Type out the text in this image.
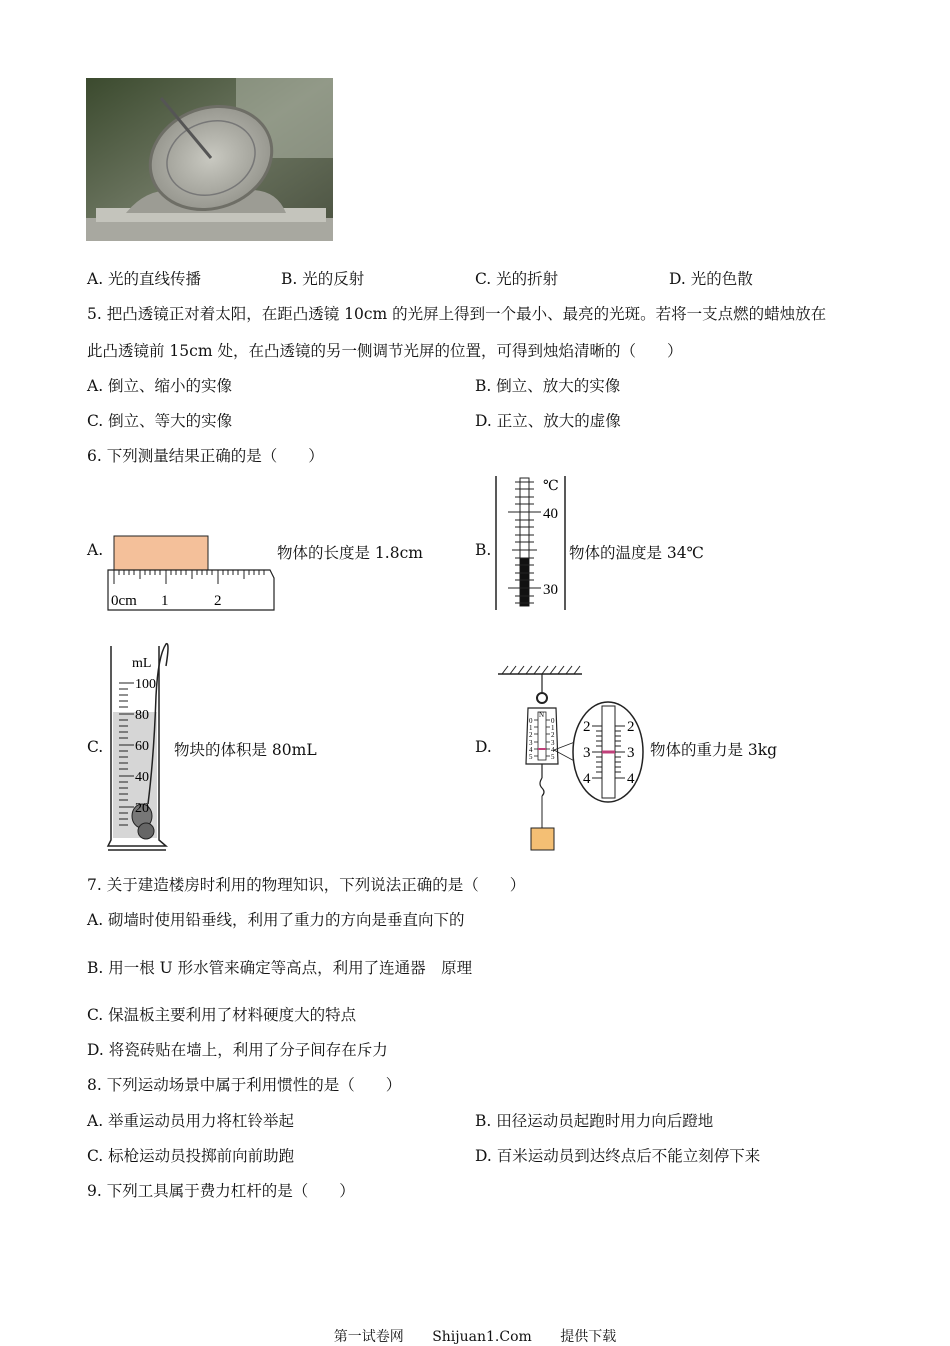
A. 光的直线传播	B. 光的反射	C. 光的折射	D. 光的色散
5. 把凸透镜正对着太阳，在距凸透镜 10cm 的光屏上得到一个最小、最亮的光斑。若将一支点燃的蜡烛放在
此凸透镜前 15cm 处，在凸透镜的另一侧调节光屏的位置，可得到烛焰清晰的（　　）
A. 倒立、缩小的实像	B. 倒立、放大的实像
C. 倒立、等大的实像	D. 正立、放大的虚像
6. 下列测量结果正确的是（　　）
A.
0cm 1	2
物体的长度是 1.8cm	B.
℃
40
30
物体的温度是 34℃
C.
mL
100
80
60
40
20
物块的体积是 80mL	D.
N
0
1
2
3
4
5
0
1
2
3
4
5
2
3
4
2
3
4
物体的重力是 3kg
7. 关于建造楼房时利用的物理知识，下列说法正确的是（　　）
A. 砌墙时使用铅垂线，利用了重力的方向是垂直向下的
B. 用一根 U 形水管来确定等高点，利用了连通器　原理
C. 保温板主要利用了材料硬度大的特点
D. 将瓷砖贴在墙上，利用了分子间存在斥力
8. 下列运动场景中属于利用惯性的是（　　）
A. 举重运动员用力将杠铃举起	B. 田径运动员起跑时用力向后蹬地
C. 标枪运动员投掷前向前助跑	D. 百米运动员到达终点后不能立刻停下来
9. 下列工具属于费力杠杆的是（　　）
第一试卷网 Shijuan1.Com 提供下载
